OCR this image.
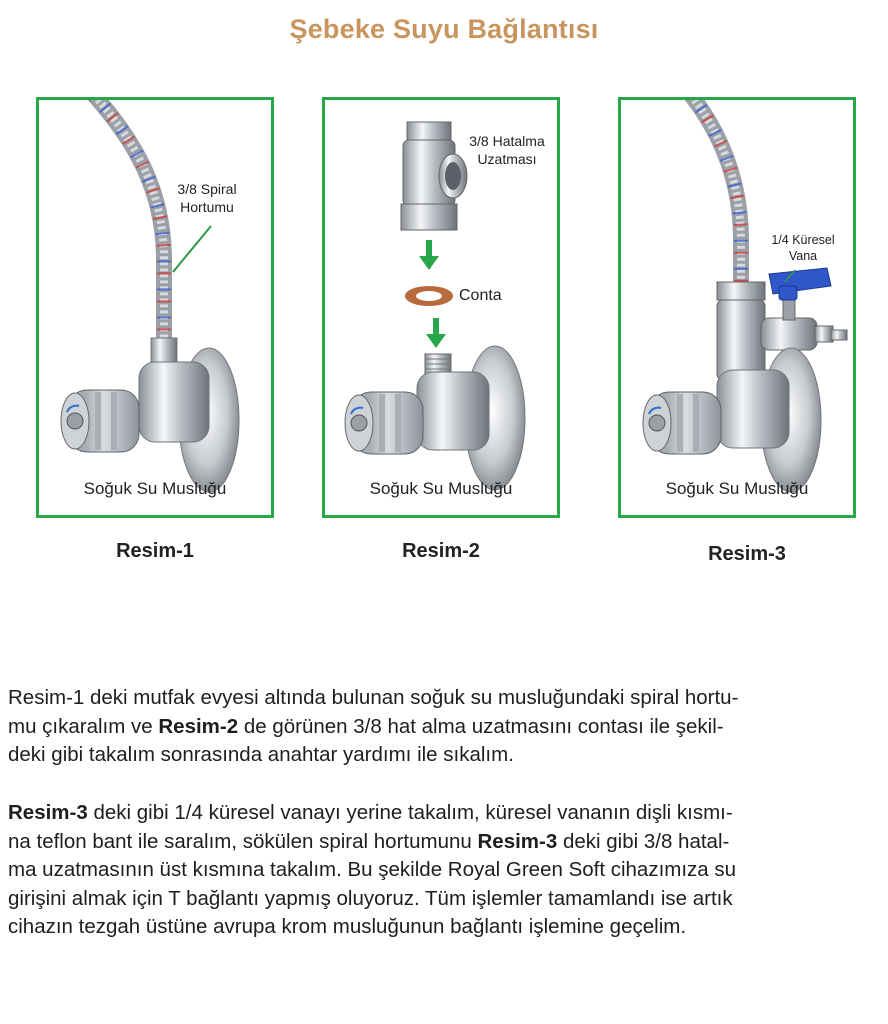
Şebeke Suyu Bağlantısı
3/8 Spiral
Hortumu
Soğuk Su Musluğu
Resim-1
3/8 Hatalma
Uzatması
Conta
Soğuk Su Musluğu
Resim-2
1/4 Küresel
Vana
Soğuk Su Musluğu
Resim-3
Resim-1 deki mutfak evyesi altında bulunan soğuk su musluğundaki spiral hortu-
mu çıkaralım ve Resim-2 de görünen 3/8 hat alma uzatmasını contası ile şekil-
deki gibi takalım sonrasında anahtar yardımı ile sıkalım.
Resim-3 deki gibi 1/4 küresel vanayı yerine takalım, küresel vananın dişli kısmı-
na teflon bant ile saralım, sökülen spiral hortumunu Resim-3 deki gibi 3/8 hatal-
ma uzatmasının üst kısmına takalım. Bu şekilde Royal Green Soft cihazımıza su
girişini almak için T bağlantı yapmış oluyoruz. Tüm işlemler tamamlandı ise artık
cihazın tezgah üstüne avrupa krom musluğunun bağlantı işlemine geçelim.
